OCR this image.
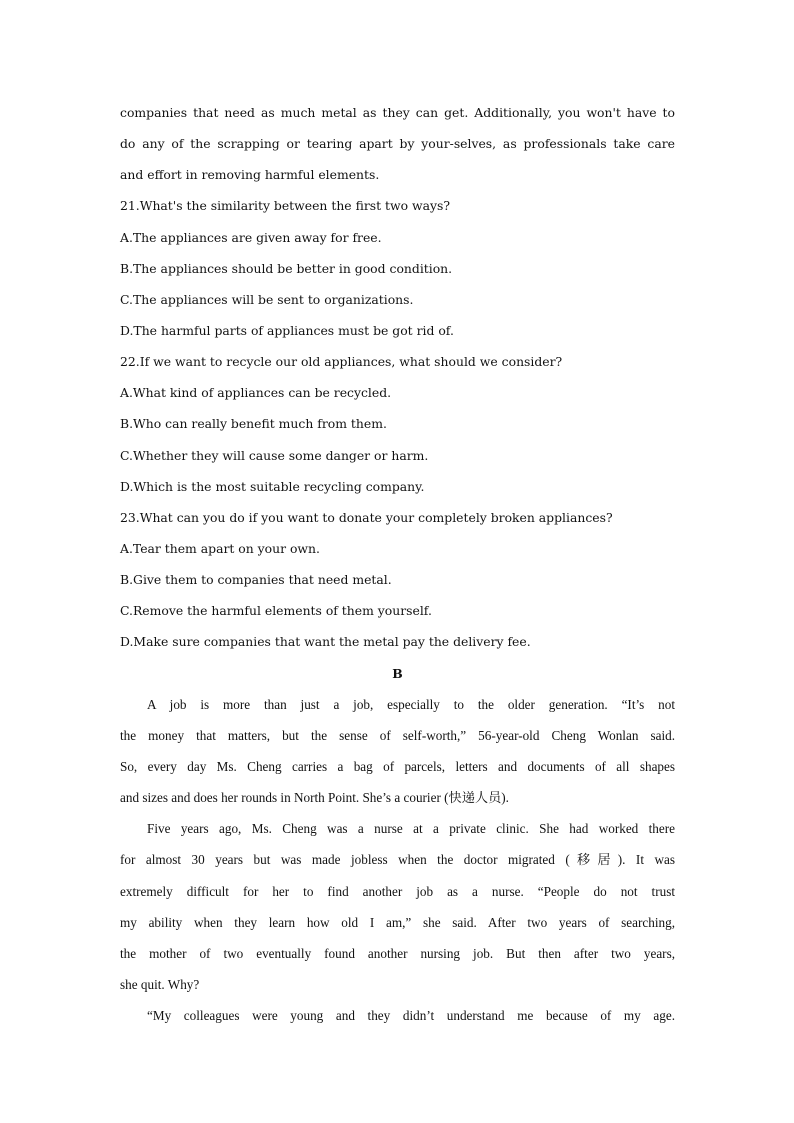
companies that need as much metal as they can get. Additionally, you won't have to
do any of the scrapping or tearing apart by your-selves, as professionals take care
and effort in removing harmful elements.
21.What's the similarity between the first two ways?
A.The appliances are given away for free.
B.The appliances should be better in good condition.
C.The appliances will be sent to organizations.
D.The harmful parts of appliances must be got rid of.
22.If we want to recycle our old appliances, what should we consider?
A.What kind of appliances can be recycled.
B.Who can really benefit much from them.
C.Whether they will cause some danger or harm.
D.Which is the most suitable recycling company.
23.What can you do if you want to donate your completely broken appliances?
A.Tear them apart on your own.
B.Give them to companies that need metal.
C.Remove the harmful elements of them yourself.
D.Make sure companies that want the metal pay the delivery fee.
B
A job is more than just a job, especially to the older generation. “It’s not
the money that matters, but the sense of self-worth,” 56-year-old Cheng Wonlan said.
So, every day Ms. Cheng carries a bag of parcels, letters and documents of all shapes
and sizes and does her rounds in North Point. She’s a courier (快递人员).
Five years ago, Ms. Cheng was a nurse at a private clinic. She had worked there
for almost 30 years but was made jobless when the doctor migrated (移居). It was
extremely difficult for her to find another job as a nurse. “People do not trust
my ability when they learn how old I am,” she said. After two years of searching,
the mother of two eventually found another nursing job. But then after two years,
she quit. Why?
“My colleagues were young and they didn’t understand me because of my age.
